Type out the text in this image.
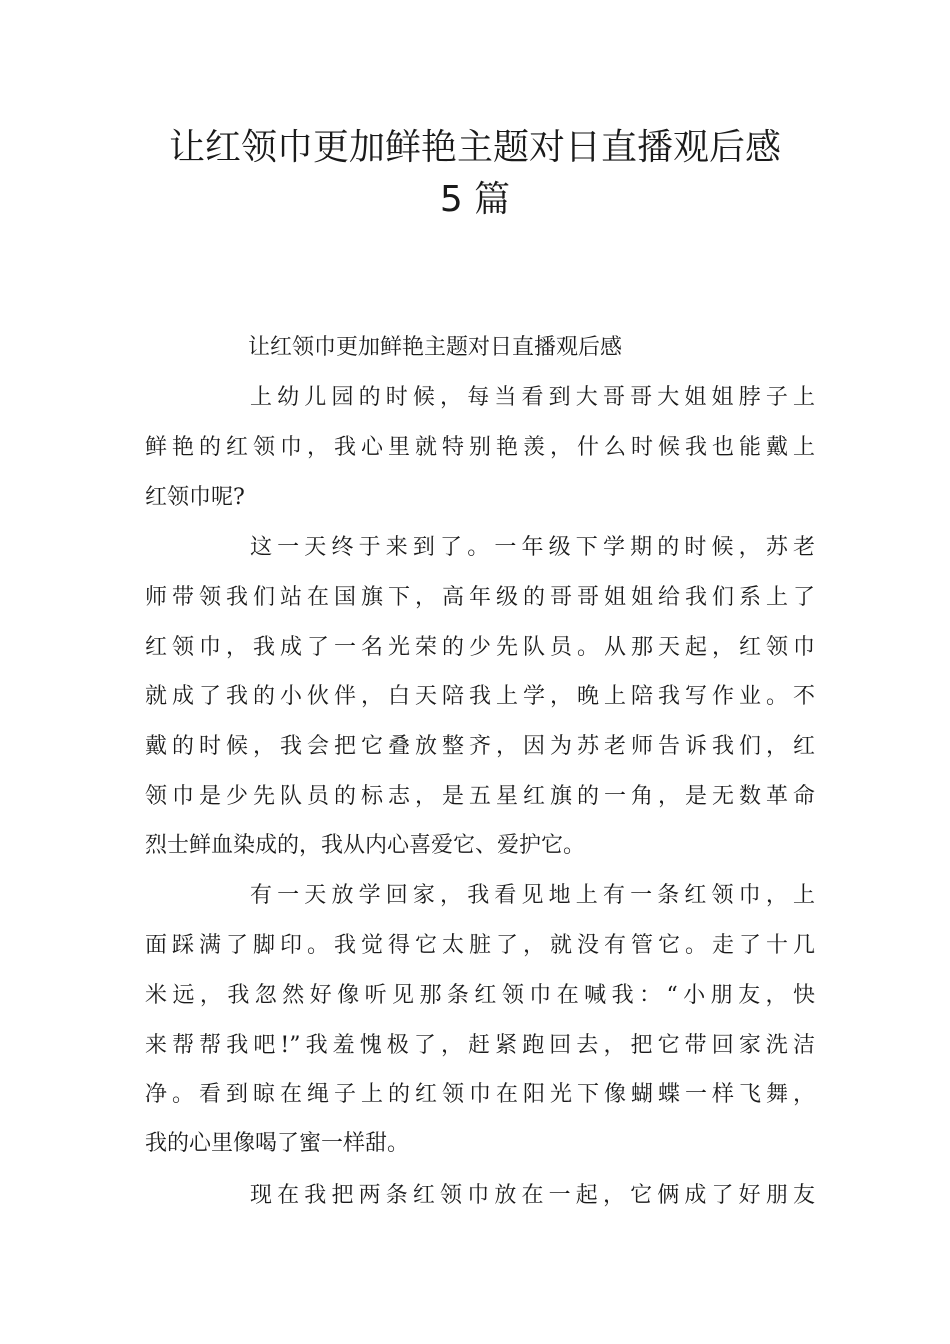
让红领巾更加鲜艳主题对日直播观后感
5 篇

让红领巾更加鲜艳主题对日直播观后感

上幼儿园的时候，每当看到大哥哥大姐姐脖子上

鲜艳的红领巾，我心里就特别艳羡，什么时候我也能戴上

红领巾呢?

这一天终于来到了。一年级下学期的时候，苏老

师带领我们站在国旗下，高年级的哥哥姐姐给我们系上了

红领巾，我成了一名光荣的少先队员。从那天起，红领巾

就成了我的小伙伴，白天陪我上学，晚上陪我写作业。不

戴的时候，我会把它叠放整齐，因为苏老师告诉我们，红

领巾是少先队员的标志，是五星红旗的一角，是无数革命

烈士鲜血染成的，我从内心喜爱它、爱护它。

有一天放学回家，我看见地上有一条红领巾，上

面踩满了脚印。我觉得它太脏了，就没有管它。走了十几

米远，我忽然好像听见那条红领巾在喊我：“小朋友，快

来帮帮我吧!”我羞愧极了，赶紧跑回去，把它带回家洗洁

净。看到晾在绳子上的红领巾在阳光下像蝴蝶一样飞舞，

我的心里像喝了蜜一样甜。

现在我把两条红领巾放在一起，它俩成了好朋友
